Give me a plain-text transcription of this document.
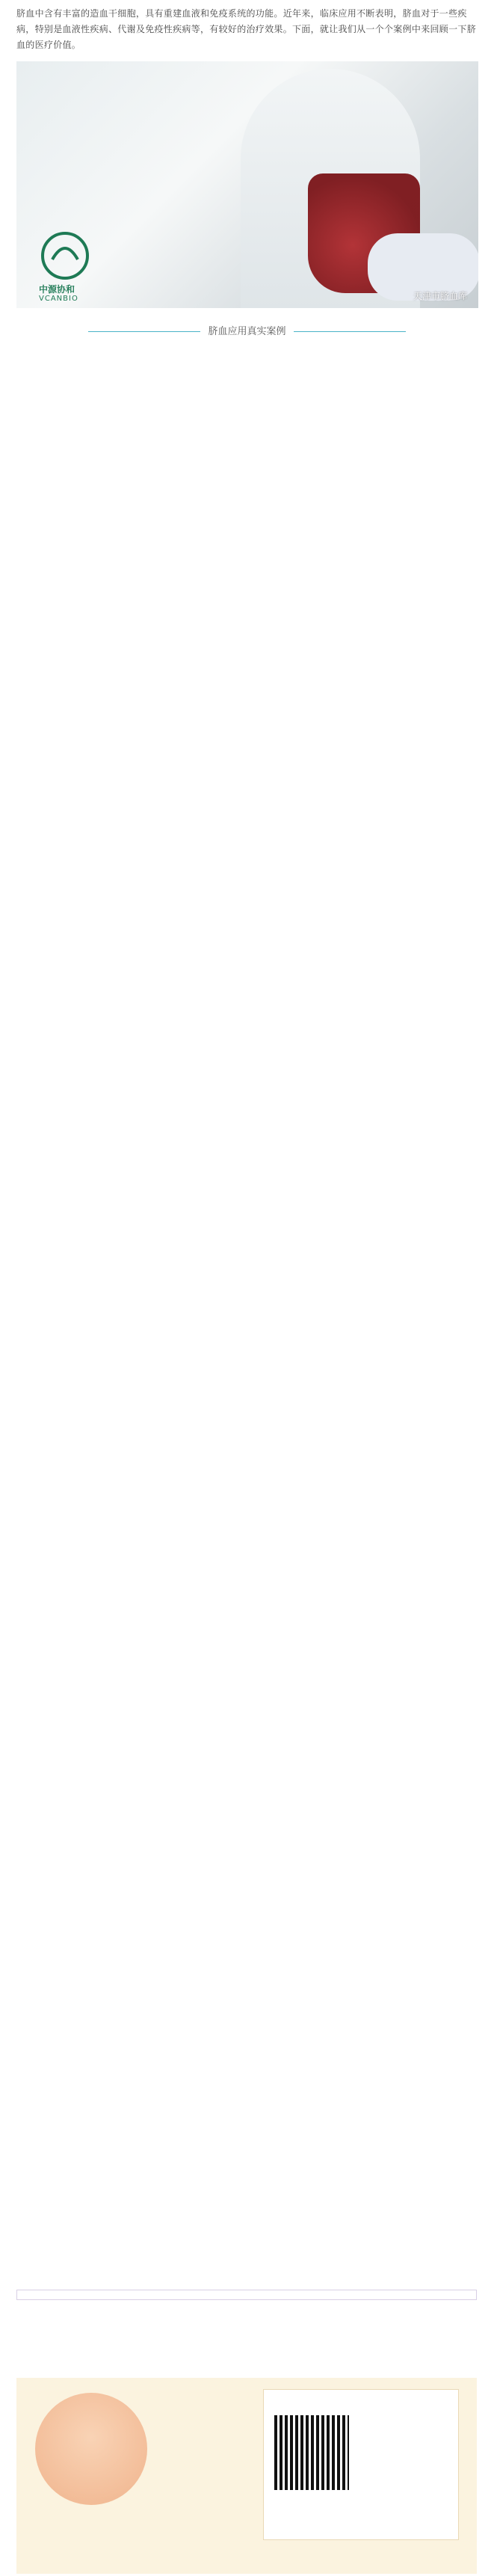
脐血中含有丰富的造血干细胞，具有重建血液和免疫系统的功能。近年来，临床应用不断表明，脐血对于一些疾病，特别是血液性疾病、代谢及免疫性疾病等，有较好的治疗效果。下面，就让我们从一个个案例中来回顾一下脐血的医疗价值。
中源协和
VCANBIO	天津市脐血库
脐血应用真实案例
